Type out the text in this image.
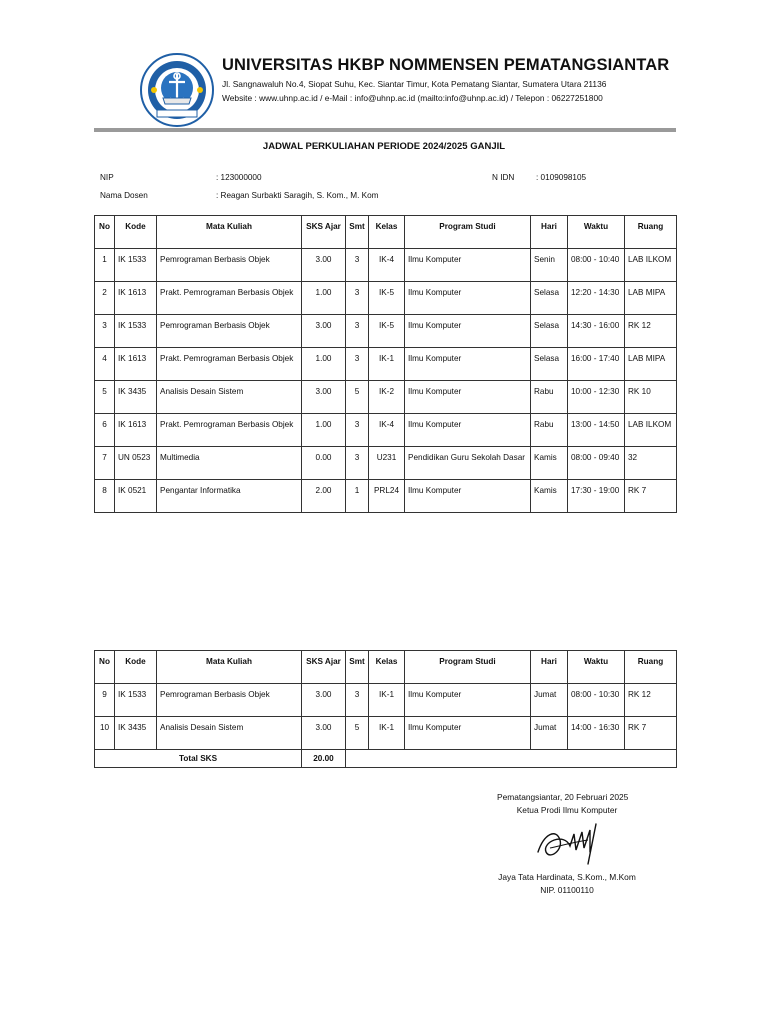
UNIVERSITAS HKBP NOMMENSEN PEMATANGSIANTAR
Jl. Sangnawaluh No.4, Siopat Suhu, Kec. Siantar Timur, Kota Pematang Siantar, Sumatera Utara 21136
Website : www.uhnp.ac.id / e-Mail : info@uhnp.ac.id (mailto:info@uhnp.ac.id) / Telepon : 06227251800
JADWAL PERKULIAHAN PERIODE 2024/2025 GANJIL
NIP	: 123000000	N IDN	: 0109098105
Nama Dosen	: Reagan Surbakti Saragih, S. Kom., M. Kom
No	Kode	Mata Kuliah	SKS Ajar	Smt	Kelas	Program Studi	Hari	Waktu	Ruang
1	IK 1533	Pemrograman Berbasis Objek	3.00	3	IK-4	Ilmu Komputer	Senin	08:00 - 10:40	LAB ILKOM
2	IK 1613	Prakt. Pemrograman Berbasis Objek	1.00	3	IK-5	Ilmu Komputer	Selasa	12:20 - 14:30	LAB MIPA
3	IK 1533	Pemrograman Berbasis Objek	3.00	3	IK-5	Ilmu Komputer	Selasa	14:30 - 16:00	RK 12
4	IK 1613	Prakt. Pemrograman Berbasis Objek	1.00	3	IK-1	Ilmu Komputer	Selasa	16:00 - 17:40	LAB MIPA
5	IK 3435	Analisis Desain Sistem	3.00	5	IK-2	Ilmu Komputer	Rabu	10:00 - 12:30	RK 10
6	IK 1613	Prakt. Pemrograman Berbasis Objek	1.00	3	IK-4	Ilmu Komputer	Rabu	13:00 - 14:50	LAB ILKOM
7	UN 0523	Multimedia	0.00	3	U231	Pendidikan Guru Sekolah Dasar	Kamis	08:00 - 09:40	32
8	IK 0521	Pengantar Informatika	2.00	1	PRL24	Ilmu Komputer	Kamis	17:30 - 19:00	RK 7
No	Kode	Mata Kuliah	SKS Ajar	Smt	Kelas	Program Studi	Hari	Waktu	Ruang
9	IK 1533	Pemrograman Berbasis Objek	3.00	3	IK-1	Ilmu Komputer	Jumat	08:00 - 10:30	RK 12
10	IK 3435	Analisis Desain Sistem	3.00	5	IK-1	Ilmu Komputer	Jumat	14:00 - 16:30	RK 7
Total SKS			20.00						
Pematangsiantar, 20 Februari 2025
Ketua Prodi Ilmu Komputer
Jaya Tata Hardinata, S.Kom., M.Kom
NIP. 01100110
